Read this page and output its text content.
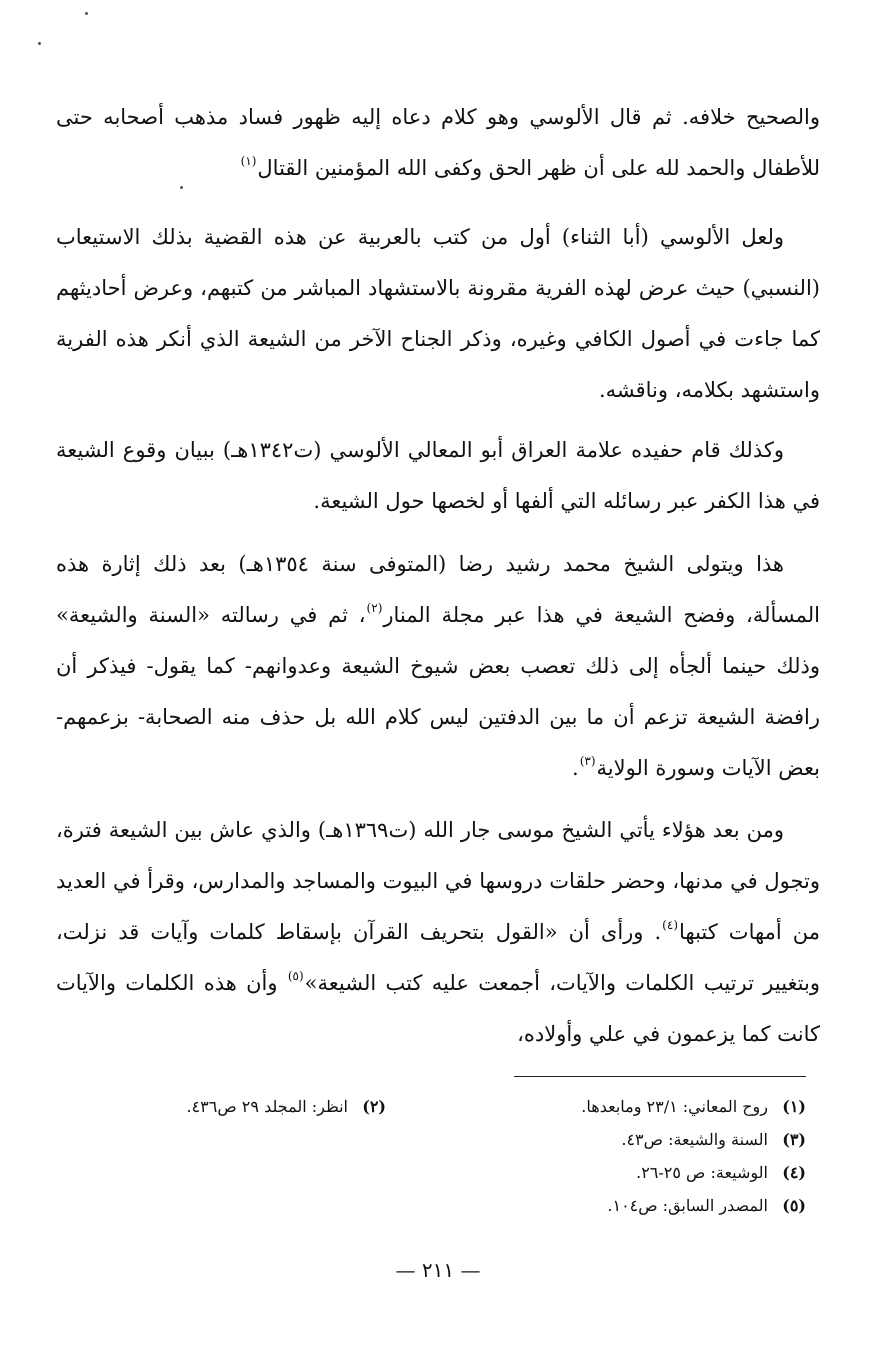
والصحيح خلافه. ثم قال الألوسي وهو كلام دعاه إليه ظهور فساد مذهب أصحابه حتى للأطفال والحمد لله على أن ظهر الحق وكفى الله المؤمنين القتال$^{(١)}$

ولعل الألوسي (أبا الثناء) أول من كتب بالعربية عن هذه القضية بذلك الاستيعاب (النسبي) حيث عرض لهذه الفرية مقرونة بالاستشهاد المباشر من كتبهم، وعرض أحاديثهم كما جاءت في أصول الكافي وغيره، وذكر الجناح الآخر من الشيعة الذي أنكر هذه الفرية واستشهد بكلامه، وناقشه.

وكذلك قام حفيده علامة العراق أبو المعالي الألوسي (ت١٣٤٢هـ) ببيان وقوع الشيعة في هذا الكفر عبر رسائله التي ألفها أو لخصها حول الشيعة.

هذا ويتولى الشيخ محمد رشيد رضا (المتوفى سنة ١٣٥٤هـ) بعد ذلك إثارة هذه المسألة، وفضح الشيعة في هذا عبر مجلة المنار$^{(٢)}$، ثم في رسالته «السنة والشيعة» وذلك حينما ألجأه إلى ذلك تعصب بعض شيوخ الشيعة وعدوانهم- كما يقول- فيذكر أن رافضة الشيعة تزعم أن ما بين الدفتين ليس كلام الله بل حذف منه الصحابة- بزعمهم- بعض الآيات وسورة الولاية$^{(٣)}$.

ومن بعد هؤلاء يأتي الشيخ موسى جار الله (ت١٣٦٩هـ) والذي عاش بين الشيعة فترة، وتجول في مدنها، وحضر حلقات دروسها في البيوت والمساجد والمدارس، وقرأ في العديد من أمهات كتبها$^{(٤)}$. ورأى أن «القول بتحريف القرآن بإسقاط كلمات وآيات قد نزلت، وبتغيير ترتيب الكلمات والآيات، أجمعت عليه كتب الشيعة»$^{(٥)}$ وأن هذه الكلمات والآيات كانت كما يزعمون في علي وأولاده،

(١)
روح المعاني: ٢٣/١ ومابعدها.
(٢)
انظر: المجلد ٢٩ ص٤٣٦.
(٣)
السنة والشيعة: ص٤٣.
(٤)
الوشيعة: ص ٢٥-٢٦.
(٥)
المصدر السابق: ص١٠٤.
— ٢١١ —
